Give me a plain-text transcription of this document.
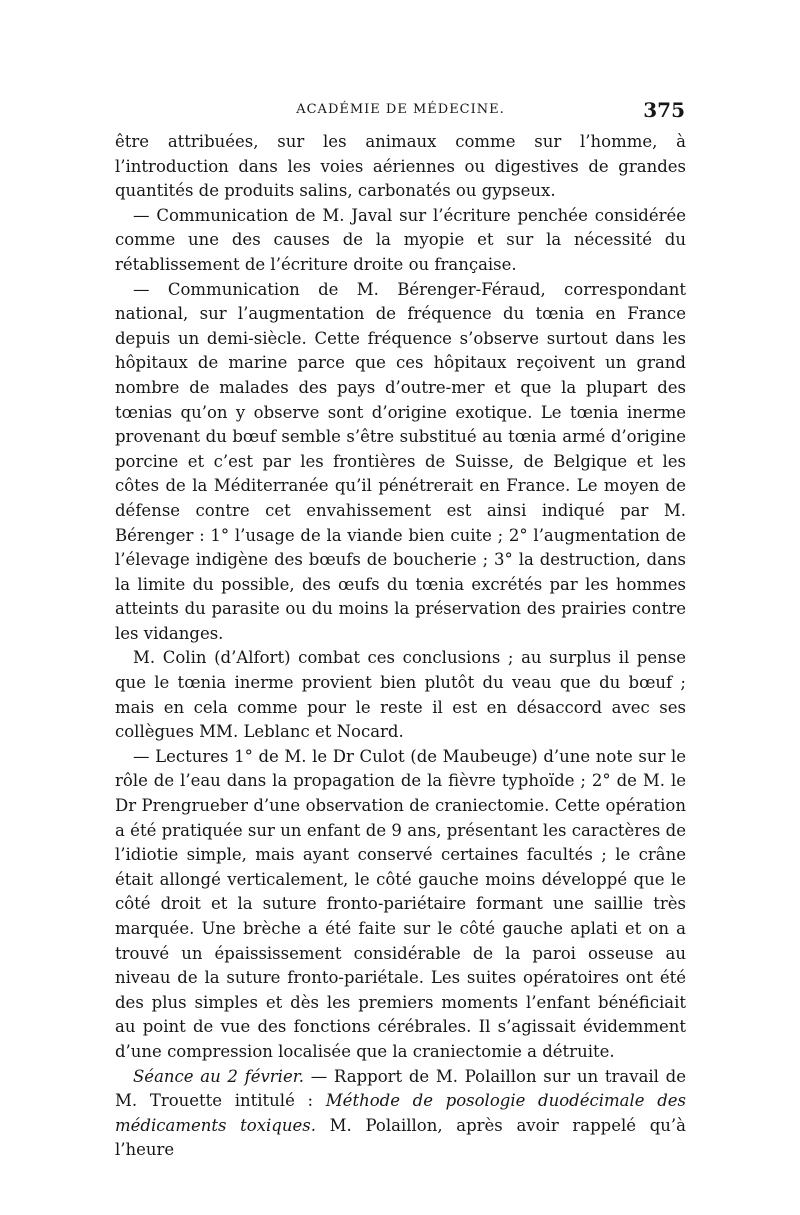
ACADÉMIE DE MÉDECINE.	375

être attribuées, sur les animaux comme sur l’homme, à l’introduction dans les voies aériennes ou digestives de grandes quantités de produits salins, carbonatés ou gypseux.

— Communication de M. Javal sur l’écriture penchée considérée comme une des causes de la myopie et sur la nécessité du rétablissement de l’écriture droite ou française.

— Communication de M. Bérenger-Féraud, correspondant national, sur l’augmentation de fréquence du tœnia en France depuis un demi-siècle. Cette fréquence s’observe surtout dans les hôpitaux de marine parce que ces hôpitaux reçoivent un grand nombre de malades des pays d’outre-mer et que la plupart des tœnias qu’on y observe sont d’origine exotique. Le tœnia inerme provenant du bœuf semble s’être substitué au tœnia armé d’origine porcine et c’est par les frontières de Suisse, de Belgique et les côtes de la Méditerranée qu’il pénétrerait en France. Le moyen de défense contre cet envahissement est ainsi indiqué par M. Bérenger : 1° l’usage de la viande bien cuite ; 2° l’augmentation de l’élevage indigène des bœufs de boucherie ; 3° la destruction, dans la limite du possible, des œufs du tœnia excrétés par les hommes atteints du parasite ou du moins la préservation des prairies contre les vidanges.

M. Colin (d’Alfort) combat ces conclusions ; au surplus il pense que le tœnia inerme provient bien plutôt du veau que du bœuf ; mais en cela comme pour le reste il est en désaccord avec ses collègues MM. Leblanc et Nocard.

— Lectures 1° de M. le Dr Culot (de Maubeuge) d’une note sur le rôle de l’eau dans la propagation de la fièvre typhoïde ; 2° de M. le Dr Prengrueber d’une observation de craniectomie. Cette opération a été pratiquée sur un enfant de 9 ans, présentant les caractères de l’idiotie simple, mais ayant conservé certaines facultés ; le crâne était allongé verticalement, le côté gauche moins développé que le côté droit et la suture fronto-pariétaire formant une saillie très marquée. Une brèche a été faite sur le côté gauche aplati et on a trouvé un épaississement considérable de la paroi osseuse au niveau de la suture fronto-pariétale. Les suites opératoires ont été des plus simples et dès les premiers moments l’enfant bénéficiait au point de vue des fonctions cérébrales. Il s’agissait évidemment d’une compression localisée que la craniectomie a détruite.

Séance au 2 février. — Rapport de M. Polaillon sur un travail de M. Trouette intitulé : Méthode de posologie duodécimale des médicaments toxiques. M. Polaillon, après avoir rappelé qu’à l’heure
